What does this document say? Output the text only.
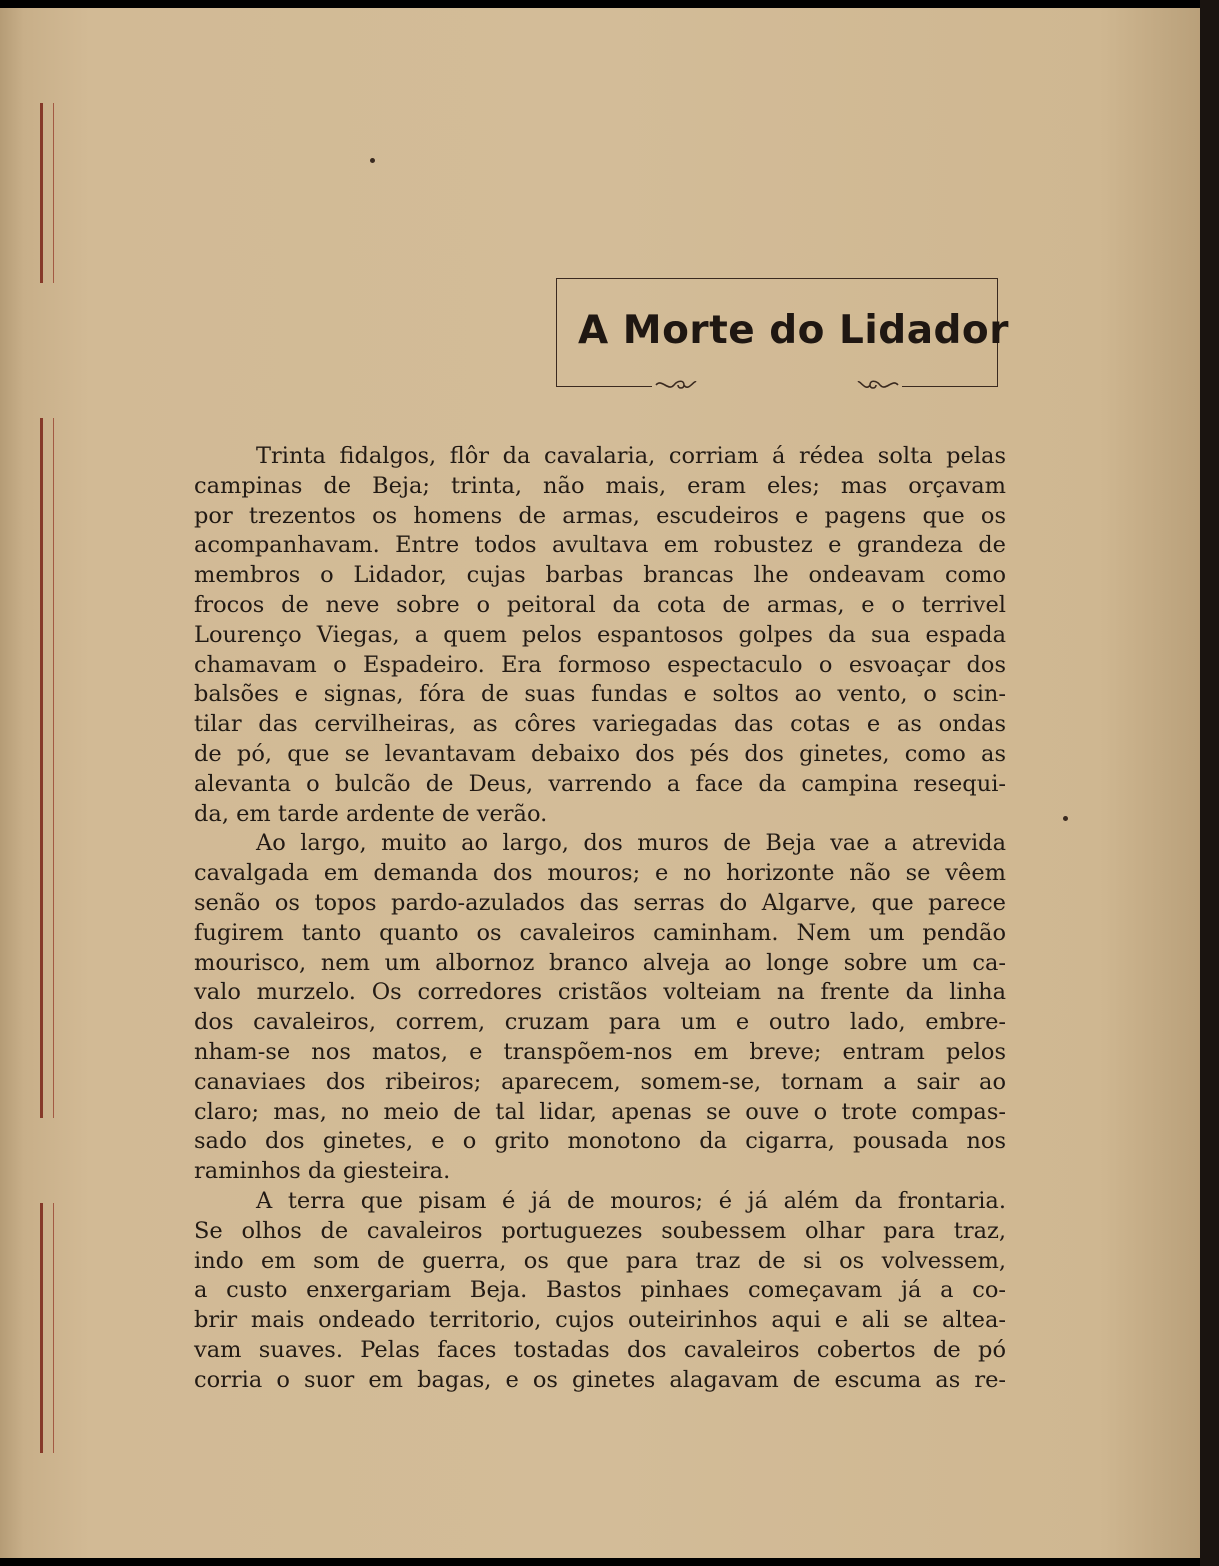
A Morte do Lidador
Trinta fidalgos, flôr da cavalaria, corriam á rédea solta pelas
campinas de Beja; trinta, não mais, eram eles; mas orçavam
por trezentos os homens de armas, escudeiros e pagens que os
acompanhavam. Entre todos avultava em robustez e grandeza de
membros o Lidador, cujas barbas brancas lhe ondeavam como
frocos de neve sobre o peitoral da cota de armas, e o terrivel
Lourenço Viegas, a quem pelos espantosos golpes da sua espada
chamavam o Espadeiro. Era formoso espectaculo o esvoaçar dos
balsões e signas, fóra de suas fundas e soltos ao vento, o scin-
tilar das cervilheiras, as côres variegadas das cotas e as ondas
de pó, que se levantavam debaixo dos pés dos ginetes, como as
alevanta o bulcão de Deus, varrendo a face da campina resequi-
da, em tarde ardente de verão.
Ao largo, muito ao largo, dos muros de Beja vae a atrevida
cavalgada em demanda dos mouros; e no horizonte não se vêem
senão os topos pardo-azulados das serras do Algarve, que parece
fugirem tanto quanto os cavaleiros caminham. Nem um pendão
mourisco, nem um albornoz branco alveja ao longe sobre um ca-
valo murzelo. Os corredores cristãos volteiam na frente da linha
dos cavaleiros, correm, cruzam para um e outro lado, embre-
nham-se nos matos, e transpõem-nos em breve; entram pelos
canaviaes dos ribeiros; aparecem, somem-se, tornam a sair ao
claro; mas, no meio de tal lidar, apenas se ouve o trote compas-
sado dos ginetes, e o grito monotono da cigarra, pousada nos
raminhos da giesteira.
A terra que pisam é já de mouros; é já além da frontaria.
Se olhos de cavaleiros portuguezes soubessem olhar para traz,
indo em som de guerra, os que para traz de si os volvessem,
a custo enxergariam Beja. Bastos pinhaes começavam já a co-
brir mais ondeado territorio, cujos outeirinhos aqui e ali se altea-
vam suaves. Pelas faces tostadas dos cavaleiros cobertos de pó
corria o suor em bagas, e os ginetes alagavam de escuma as re-
